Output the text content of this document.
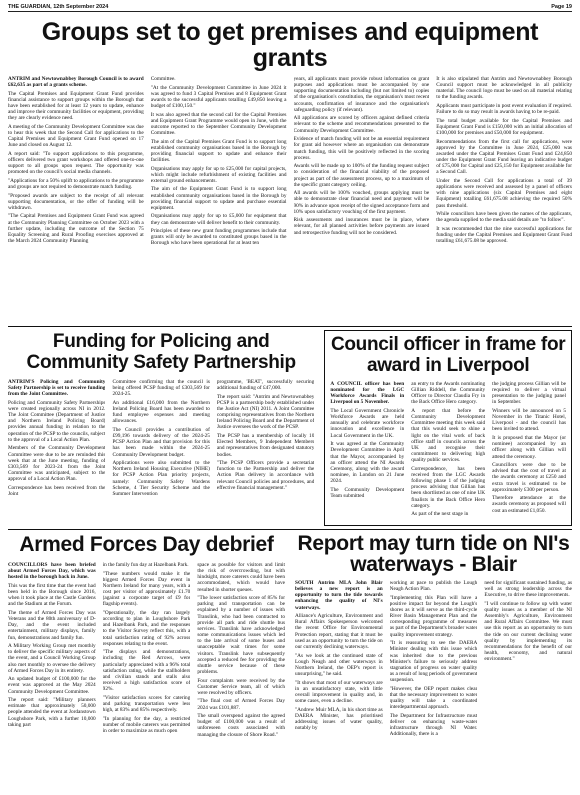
THE GUARDIAN, 12th September 2024	Page 19
Groups set to get premises and equipment grants

ANTRIM and Newtownabbey Borough Council is to award £62,635 as part of a grants scheme.

The Capital Premises and Equipment Grant Fund provides financial assistance to support groups within the Borough that have been established for at least 12 years to update, enhance and improve their community facilities or equipment, providing they are clearly evidence need.

A meeting of the Community Development Committee was due to hear this week that the Second Call for applications to the Capital Premises and Equipment Grant Fund opened on 17 June and closed on August 12.

A report said: "To support applications to this programme, officers delivered two grant workshops and offered one-to-one support to all groups upon request. The opportunity was promoted on the council's social media channels.

"Applications for a 50% uplift to applications to the programme and groups are not required to demonstrate match funding.

"Proposed awards are subject to the receipt of all relevant supporting documentation, or the offer of funding will be withdrawn.

"The Capital Premises and Equipment Grant Fund was agreed at the Community Planning Committee on October 2023 with a further update, including the outcome of the Section 75 Equality Screening and Rural Proofing exercises approved at the March 2024 Community Planning

Committee.

"At the Community Development Committee in June 2024 it was agreed to fund 3 Capital Premises and 8 Equipment Grant awards to the successful applicants totalling £49,850 leaving a budget of £100,150."

It was also agreed that the second call for the Capital Premises and Equipment Grant Programme would open in June, with the outcome reported to the September Community Development Committee.

The aim of the Capital Premises Grant Fund is to support long established community organisations based in the Borough by providing financial support to update and enhance their facilities.

Organisations may apply for up to £25,000 for capital projects, which might include refurbishment of existing facilities and external ground enhancements.

The aim of the Equipment Grant Fund is to support long established community organisations based in the Borough by providing financial support to update and purchase essential equipment.

Organisations may apply for up to £5,000 for equipment that they can demonstrate will deliver benefit to their community.

Principles of these new grant funding programmes include that grants will only be awarded to constituted groups based in the Borough who have been operational for at least ten

years, all applicants must provide robust information on grant purposes and applications must be accompanied by one supporting documentation including (but not limited to) copies of the organisation's constitution, the organisation's most recent accounts, confirmation of insurance and the organisation's safeguarding policy (if relevant).

All applications are scored by officers against defined criteria relevant to the scheme and recommendations presented to the Community Development Committee.

Evidence of match funding will not be an essential requirement for grant aid however where an organisation can demonstrate match funding, this will be positively reflected in the scoring process.

Awards will be made up to 100% of the funding request subject to consideration of the financial viability of the proposed project as part of the assessment process, up to a maximum of the specific grant category ceiling.

All awards will be 100% vouched, groups applying must be able to demonstrate clear financial need and payment will be 90% in advance upon receipt of the signed acceptance form and 10% upon satisfactory vouching of the first payment.

Risk assessments and insurances must be in place, where relevant, for all planned activities before payments are issued and retrospective funding will not be considered.

It is also stipulated that Antrim and Newtownabbey Borough Council support must be acknowledged in all publicity material. The council logo must be used on all material relating to the funding awards.

Applicants must participate in post event evaluation if required. Failure to do so may result in awards having to be re-paid.

The total budget available for the Capital Premises and Equipment Grant Fund is £150,000 with an initial allocation of £100,000 for premises and £50,000 for equipment.

Recommendations from the first call for applications, were approved by the Committee in June 2024, £25,000 was awarded under the Capital Premises Grant Fund and £24,850 under the Equipment Grant Fund leaving an indicative budget of £75,000 for Capital and £25,150 for Equipment available for a Second Call.

Under the Second Call for applications a total of 39 applications were received and assessed by a panel of officers with nine applications (six Capital Premises and eight Equipment) totalling £61,675.08 achieving the required 50% pass threshold.

While councillors have been given the names of the applicants, the agenda supplied to the media said details are "to follow".

It was recommended that the nine successful applications for funding under the Capital Premises and Equipment Grant Fund totalling £61,675.08 be approved.

Funding for Policing and Community Safety Partnership

ANTRIM'S Policing and Community Safety Partnership is set to receive funding from the Joint Committee.

Policing and Community Safety Partnerships were created regionally across NI in 2012. The Joint Committee (Department of Justice and Northern Ireland Policing Board) provides annual funding in relation to the operation of the PCSP to the councils, subject to the approval of a Local Action Plan.

Members of the Community Development Committee were due to be are reminded this week that at the June meeting, funding of £303,569 for 2023-24 from the Joint Committee was anticipated, subject to the approval of a Local Action Plan.

Correspondence has been received from the Joint

Committee confirming that the council is being offered PCSP funding of £303,569 for 2024-25.

An additional £16,000 from the Northern Ireland Policing Board has been awarded to fund employee expenses and meeting allowances.

The Council provides a contribution of £99,196 towards delivery of the 2024-25 PCSP Action Plan and that provision for this has been made within the 2024-25 Community Development budget.

Applications were also submitted to the Northern Ireland Housing Executive (NIHE) for PCSP Action Plan priority projects, namely: Community Safety Wardens Scheme, 4 Tier Security Scheme and the Summer Intervention

programme, 'BEAT', successfully securing additional funding of £47,000.

The report said: "Antrim and Newtownabbey PCSP is a partnership body established under the Justice Act (NI) 2011. A Joint Committee comprising representatives from the Northern Ireland Policing Board and the Department of Justice oversees the work of the PCSP.

The PCSP has a membership of locally 10 Elected Members, 9 Independent Members and representatives from designated statutory bodies.

"The PCSP Officers provide a secretariat function to the Partnership and deliver the Action Plan delivery in accordance with relevant Council policies and procedures, and effective financial management."

Council officer in frame for award in Liverpool

A COUNCIL officer has been nominated for the LGC Workforce Awards Finals in Liverpool on 5 November.

The Local Government Chronicle Workforce Awards are held annually and celebrate workforce innovation and excellence in Local Government in the UK.

It was agreed at the Community Development Committee in April that the Mayor, accompanied by an officer attend the NI Awards Ceremony, along with the award nominee, in London on 21 June 2024.

The Community Development Team submitted

an entry to the Awards nominating Gillian Riddell, the Community Officer to Director Claudia Fry in the Back Office Hero category.

A report that before the Community Development Committee meeting this week said that this would seek to shine a light on the vital work of back office staff in councils across the UK and recognise their commitment to delivering high quality public services.

Correspondence, has been received from the LGC Awards following phase 1 of the judging process advising that Gillian has been shortlisted as one of nine UK finalists in the Back Office Hero category.

As part of the next stage in

the judging process Gillian will be required to deliver a virtual presentation to the judging panel in September.

Winners will be announced on 5 November in the Titanic Hotel, Liverpool - and the council has been invited to attend.

It is proposed that the Mayor (or nominee) accompanied by an officer along with Gillian will attend the ceremony.

Councillors were due to be advised that the cost of travel at the awards ceremony at £250 and extra travel is estimated to be approximately £300 per person.

Therefore attendance at the awards ceremony as proposed will cost an estimated £1,050.

Armed Forces Day debrief

COUNCILLORS have been briefed about Armed Forces Day, which was hosted in the borough back in June.

This was the first time that the event had been held in the Borough since 2016, when it took place at the Castle Gardens and the Stadium at the Forum.

The theme of Armed Forces Day was Veterans and the 80th anniversary of D-Day, and the event included entertainment, military displays, family fun, demonstrations and family fun.

A Military Working Group met monthly to deliver the specific military aspects of the event, and a Council Working Group also met monthly to oversee the delivery of Armed Forces Day in its entirety.

An updated budget of £100,000 for the event was approved at the May 2024 Community Development Committee.

The report said: "Military planners estimate that approximately 50,000 people attended the event at Jordanstown Loughshore Park, with a further 10,000 taking part

in the family fun day at Hazelbank Park.

"These numbers would make it the biggest Armed Forces Day event in Northern Ireland for many years, with a cost per visitor of approximately £1.70 (against a corporate target of £9 for flagship events).

"Operationally, the day ran largely according to plan in Loughshore Park and Hazelbank Park, and the responses to the Visitor Survey reflect this, with a total satisfaction rating of 92% across responses relating to the event.

"The displays and demonstrations, including the Red Arrows, were particularly appreciated with a 96% total satisfaction rating, while the stallholders and civilian stands and stalls also received a high satisfaction score of 92%.

"Visitor satisfaction scores for catering and parking transportation were less high, at 83% and 85% respectively.

"In planning for the day, a restricted number of mobile caterers was permitted in order to maximize as much open

space as possible for visitors and limit the risk of overcrowding, but with hindsight, more caterers could have been accommodated, which would have resulted in shorter queues.

"The lower satisfaction score of 85% for parking and transportation can be explained by a number of issues with Translink, who had been contracted to provide all park and ride shuttle bus services. Translink have acknowledged some communications issues which led to the late arrival of some buses and unacceptable wait times for some visitors. Translink have subsequently accepted a reduced fee for providing the shuttle service because of these problems.

Four complaints were received by the Customer Service team, all of which were resolved by officers.

"The final cost of Armed Forces Day 2024 was £101,887.

The small overspend against the agreed budget of £100,000 was a result of unforeseen costs associated with managing the closure of Shore Road."

Report may turn tide on NI's waterways - Blair

SOUTH Antrim MLA John Blair believes a new report is an opportunity to turn the tide towards enhancing the quality of NI's waterways.

Alliance's Agriculture, Environment and Rural Affairs Spokesperson welcomed the recent Office for Environmental Protection report, stating that it must be used as an opportunity to turn the tide on our currently declining waterways.

"As we look at the continued state of Lough Neagh and other waterways in Northern Ireland, the OEP's report is unsurprising," he said.

"It shows that most of our waterways are in an unsatisfactory state, with little overall improvement in quality and, in some cases, even a decline.

"Andrew Muir MLA, in his short time as DAERA Minister, has prioritised addressing issues of water quality, notably by

working at pace to publish the Lough Neagh Action Plan.

"Implementing this Plan will have a positive impact far beyond the Lough's shores as it will serve as the third-cycle River Basin Management Plan and the corresponding programme of measures as part of the Department's broader water quality improvement strategy.

"It is reassuring to see the DAERA Minister dealing with this issue which was inherited due to the previous Minister's failure to seriously address stagnation of progress on water quality as a result of long periods of government suspension.

"However, the OEP report makes clear that the necessary improvement to water quality will take a coordinated interdepartmental approach.

The Department for Infrastructure must deliver on enhancing waste-water infrastructure through NI Water. Additionally, there is a

need for significant sustained funding, as well as strong leadership across the Executive, to drive these improvements.

"I will continue to follow up with water quality issues as a member of the NI Assembly's Agriculture, Environment and Rural Affairs Committee. We must use this report as an opportunity to turn the tide on our current declining water quality by implementing its recommendations for the benefit of our health, economy, and natural environment."
